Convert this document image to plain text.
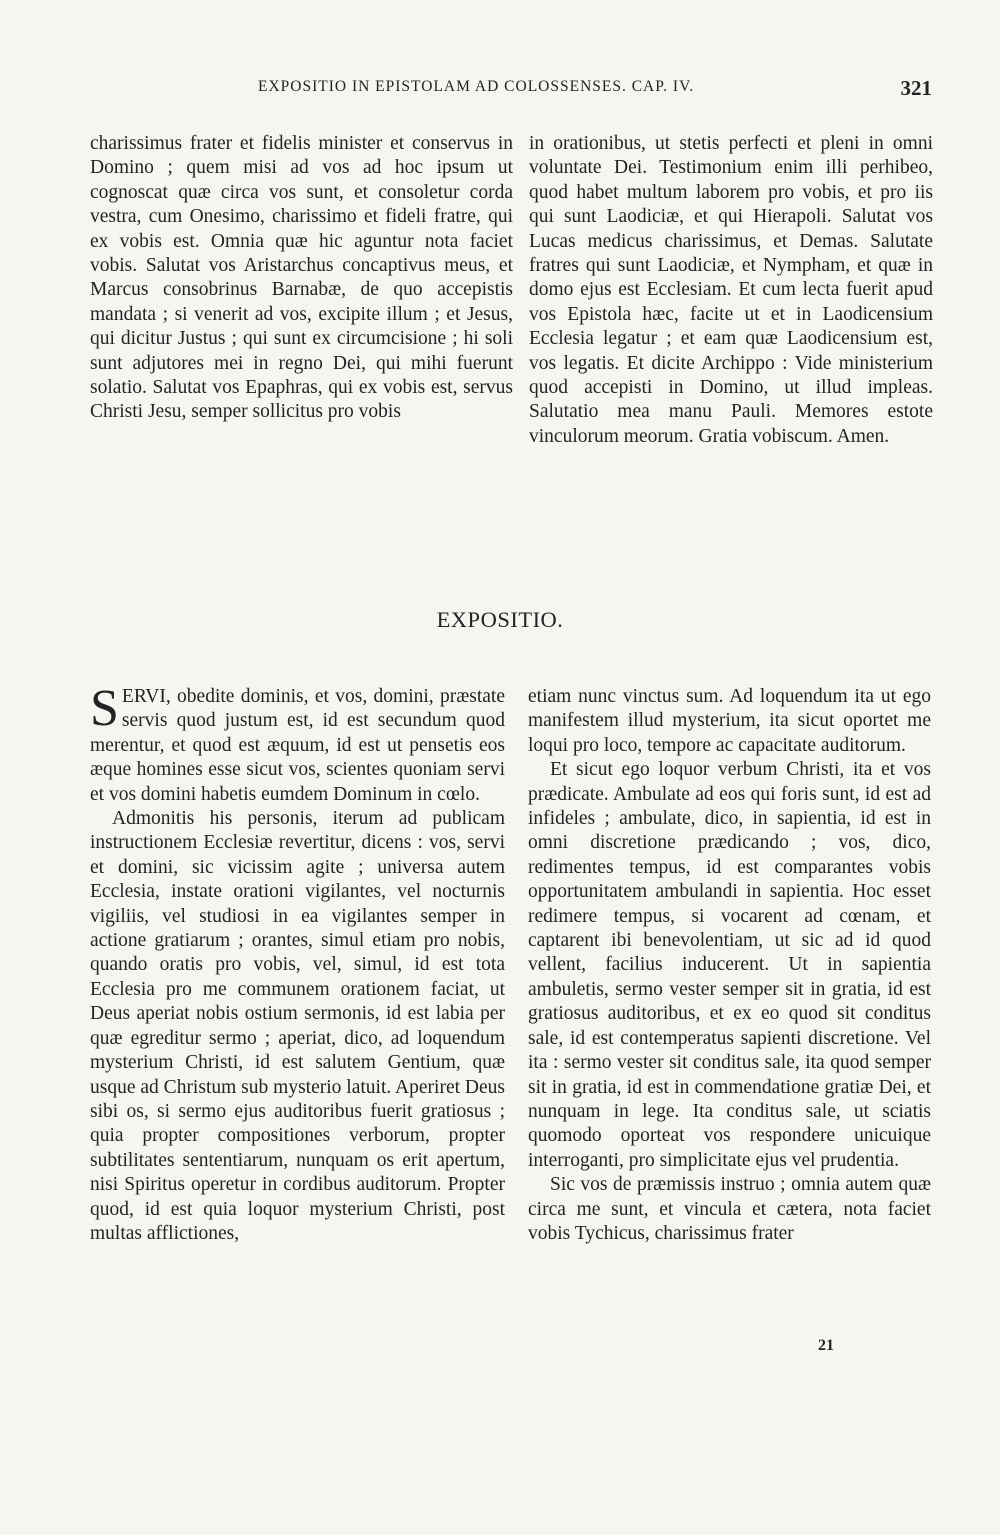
EXPOSITIO IN EPISTOLAM AD COLOSSENSES. CAP. IV.	321
charissimus frater et fidelis minister et conservus in Domino ; quem misi ad vos ad hoc ipsum ut cognoscat quæ circa vos sunt, et consoletur corda vestra, cum Onesimo, charissimo et fideli fratre, qui ex vobis est. Omnia quæ hic aguntur nota faciet vobis. Salutat vos Aristarchus concaptivus meus, et Marcus consobrinus Barnabæ, de quo accepistis mandata ; si venerit ad vos, excipite illum ; et Jesus, qui dicitur Justus ; qui sunt ex circumcisione ; hi soli sunt adjutores mei in regno Dei, qui mihi fuerunt solatio. Salutat vos Epaphras, qui ex vobis est, servus Christi Jesu, semper sollicitus pro vobis
in orationibus, ut stetis perfecti et pleni in omni voluntate Dei. Testimonium enim illi perhibeo, quod habet multum laborem pro vobis, et pro iis qui sunt Laodiciæ, et qui Hierapoli. Salutat vos Lucas medicus charissimus, et Demas. Salutate fratres qui sunt Laodiciæ, et Nympham, et quæ in domo ejus est Ecclesiam. Et cum lecta fuerit apud vos Epistola hæc, facite ut et in Laodicensium Ecclesia legatur ; et eam quæ Laodicensium est, vos legatis. Et dicite Archippo : Vide ministerium quod accepisti in Domino, ut illud impleas. Salutatio mea manu Pauli. Memores estote vinculorum meorum. Gratia vobiscum. Amen.
EXPOSITIO.

SERVI, obedite dominis, et vos, domini, præstate servis quod justum est, id est secundum quod merentur, et quod est æquum, id est ut pensetis eos æque homines esse sicut vos, scientes quoniam servi et vos domini habetis eumdem Dominum in cœlo.

Admonitis his personis, iterum ad publicam instructionem Ecclesiæ revertitur, dicens : vos, servi et domini, sic vicissim agite ; universa autem Ecclesia, instate orationi vigilantes, vel nocturnis vigiliis, vel studiosi in ea vigilantes semper in actione gratiarum ; orantes, simul etiam pro nobis, quando oratis pro vobis, vel, simul, id est tota Ecclesia pro me communem orationem faciat, ut Deus aperiat nobis ostium sermonis, id est labia per quæ egreditur sermo ; aperiat, dico, ad loquendum mysterium Christi, id est salutem Gentium, quæ usque ad Christum sub mysterio latuit. Aperiret Deus sibi os, si sermo ejus auditoribus fuerit gratiosus ; quia propter compositiones verborum, propter subtilitates sententiarum, nunquam os erit apertum, nisi Spiritus operetur in cordibus auditorum. Propter quod, id est quia loquor mysterium Christi, post multas afflictiones,

etiam nunc vinctus sum. Ad loquendum ita ut ego manifestem illud mysterium, ita sicut oportet me loqui pro loco, tempore ac capacitate auditorum.

Et sicut ego loquor verbum Christi, ita et vos prædicate. Ambulate ad eos qui foris sunt, id est ad infideles ; ambulate, dico, in sapientia, id est in omni discretione prædicando ; vos, dico, redimentes tempus, id est comparantes vobis opportunitatem ambulandi in sapientia. Hoc esset redimere tempus, si vocarent ad cœnam, et captarent ibi benevolentiam, ut sic ad id quod vellent, facilius inducerent. Ut in sapientia ambuletis, sermo vester semper sit in gratia, id est gratiosus auditoribus, et ex eo quod sit conditus sale, id est contemperatus sapienti discretione. Vel ita : sermo vester sit conditus sale, ita quod semper sit in gratia, id est in commendatione gratiæ Dei, et nunquam in lege. Ita conditus sale, ut sciatis quomodo oporteat vos respondere unicuique interroganti, pro simplicitate ejus vel prudentia.

Sic vos de præmissis instruo ; omnia autem quæ circa me sunt, et vincula et cætera, nota faciet vobis Tychicus, charissimus frater

21
